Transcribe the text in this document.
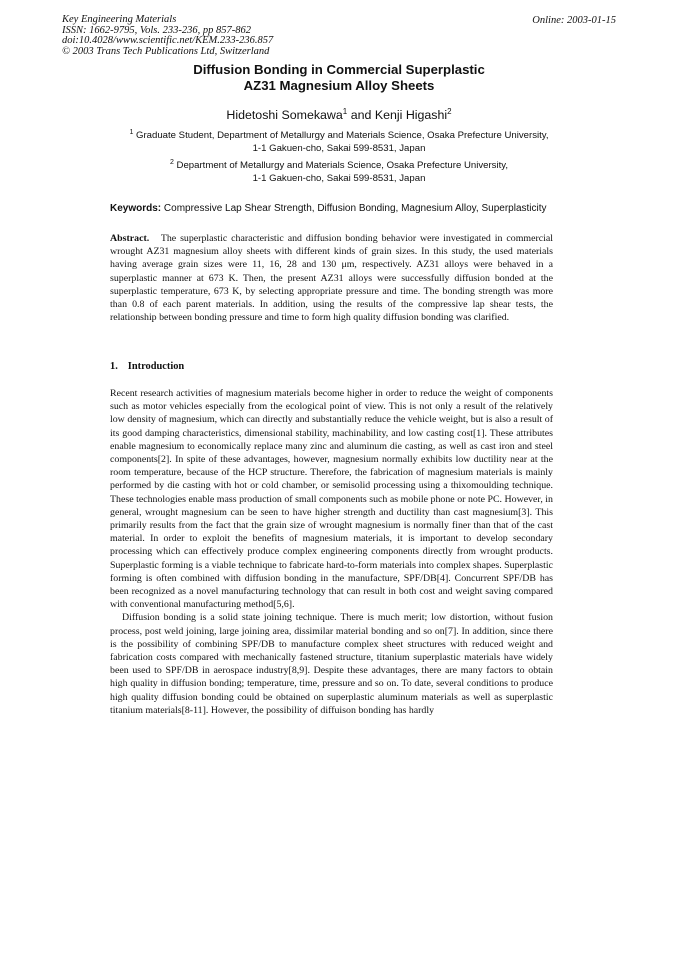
Key Engineering Materials
ISSN: 1662-9795, Vols. 233-236, pp 857-862
doi:10.4028/www.scientific.net/KEM.233-236.857
© 2003 Trans Tech Publications Ltd, Switzerland
Online: 2003-01-15
Diffusion Bonding in Commercial Superplastic
AZ31 Magnesium Alloy Sheets
Hidetoshi Somekawa$^1$ and Kenji Higashi$^2$
$^1$ Graduate Student, Department of Metallurgy and Materials Science, Osaka Prefecture University,
1-1 Gakuen-cho, Sakai 599-8531, Japan
$^2$ Department of Metallurgy and Materials Science, Osaka Prefecture University,
1-1 Gakuen-cho, Sakai 599-8531, Japan
Keywords: Compressive Lap Shear Strength, Diffusion Bonding, Magnesium Alloy, Superplasticity

Abstract. The superplastic characteristic and diffusion bonding behavior were investigated in commercial wrought AZ31 magnesium alloy sheets with different kinds of grain sizes. In this study, the used materials having average grain sizes were 11, 16, 28 and 130 μm, respectively. AZ31 alloys were behaved in a superplastic manner at 673 K. Then, the present AZ31 alloys were successfully diffusion bonded at the superplastic temperature, 673 K, by selecting appropriate pressure and time. The bonding strength was more than 0.8 of each parent materials. In addition, using the results of the compressive lap shear tests, the relationship between bonding pressure and time to form high quality diffusion bonding was clarified.

1. Introduction

Recent research activities of magnesium materials become higher in order to reduce the weight of components such as motor vehicles especially from the ecological point of view. This is not only a result of the relatively low density of magnesium, which can directly and substantially reduce the vehicle weight, but is also a result of its good damping characteristics, dimensional stability, machinability, and low casting cost[1]. These attributes enable magnesium to economically replace many zinc and aluminum die casting, as well as cast iron and steel components[2]. In spite of these advantages, however, magnesium normally exhibits low ductility near at the room temperature, because of the HCP structure. Therefore, the fabrication of magnesium materials is mainly performed by die casting with hot or cold chamber, or semisolid processing using a thixomoulding technique. These technologies enable mass production of small components such as mobile phone or note PC. However, in general, wrought magnesium can be seen to have higher strength and ductility than cast magnesium[3]. This primarily results from the fact that the grain size of wrought magnesium is normally finer than that of the cast material. In order to exploit the benefits of magnesium materials, it is important to develop secondary processing which can effectively produce complex engineering components directly from wrought products. Superplastic forming is a viable technique to fabricate hard-to-form materials into complex shapes. Superplastic forming is often combined with diffusion bonding in the manufacture, SPF/DB[4]. Concurrent SPF/DB has been recognized as a novel manufacturing technology that can result in both cost and weight saving compared with conventional manufacturing method[5,6].

Diffusion bonding is a solid state joining technique. There is much merit; low distortion, without fusion process, post weld joining, large joining area, dissimilar material bonding and so on[7]. In addition, since there is the possibility of combining SPF/DB to manufacture complex sheet structures with reduced weight and fabrication costs compared with mechanically fastened structure, titanium superplastic materials have widely been used to SPF/DB in aerospace industry[8,9]. Despite these advantages, there are many factors to obtain high quality in diffusion bonding; temperature, time, pressure and so on. To date, several conditions to produce high quality diffusion bonding could be obtained on superplastic aluminum materials as well as superplastic titanium materials[8-11]. However, the possibility of diffuison bonding has hardly
